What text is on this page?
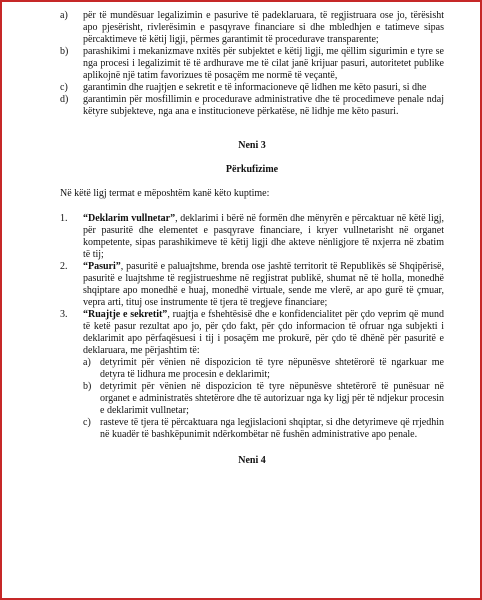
a) për të mundësuar legalizimin e pasurive të padeklaruara, të regjistruara ose jo, tërësisht apo pjesërisht, rivlerësimin e pasqyrave financiare si dhe mbledhjen e tatimeve sipas përcaktimeve të këtij ligji, përmes garantimit të procedurave transparente;
b) parashikimi i mekanizmave nxitës për subjektet e këtij ligji, me qëllim sigurimin e tyre se nga procesi i legalizimit të të ardhurave me të cilat janë krijuar pasuri, autoritetet publike aplikojnë një tatim favorizues të posaçëm me normë të veçantë,
c) garantimin dhe ruajtjen e sekretit e të informacioneve që lidhen me këto pasuri, si dhe
d) garantimin për mosfillimin e procedurave administrative dhe të procedimeve penale ndaj këtyre subjekteve, nga ana e institucioneve përkatëse, në lidhje me këto pasuri.

Neni 3

Përkufizime

Në këtë ligj termat e mëposhtëm kanë këto kuptime:

1. “Deklarim vullnetar”, deklarimi i bërë në formën dhe mënyrën e përcaktuar në këtë ligj, për pasuritë dhe elementet e pasqyrave financiare, i kryer vullnetarisht në organet kompetente, sipas parashikimeve të këtij ligji dhe akteve nënligjore të nxjerra në zbatim të tij;
2. “Pasuri”, pasuritë e paluajtshme, brenda ose jashtë territorit të Republikës së Shqipërisë, pasuritë e luajtshme të regjistrueshme në regjistrat publikë, shumat në të holla, monedhë shqiptare apo monedhë e huaj, monedhë virtuale, sende me vlerë, ar apo gurë të çmuar, vepra arti, tituj ose instrumente të tjera të tregjeve financiare;
3. “Ruajtje e sekretit”, ruajtja e fshehtësisë dhe e konfidencialitet për çdo veprim që mund të ketë pasur rezultat apo jo, për çdo fakt, për çdo informacion të ofruar nga subjekti i deklarimit apo përfaqësuesi i tij i posaçëm me prokurë, për çdo të dhënë për pasuritë e deklaruara, me përjashtim të:
a) detyrimit për vënien në dispozicion të tyre nëpunësve shtetërorë të ngarkuar me detyra të lidhura me procesin e deklarimit;
b) detyrimit për vënien në dispozicion të tyre nëpunësve shtetërorë të punësuar në organet e administratës shtetërore dhe të autorizuar nga ky ligj për të ndjekur procesin e deklarimit vullnetar;
c) rasteve të tjera të përcaktuara nga legjislacioni shqiptar, si dhe detyrimeve që rrjedhin në kuadër të bashkëpunimit ndërkombëtar në fushën administrative apo penale.

Neni 4
